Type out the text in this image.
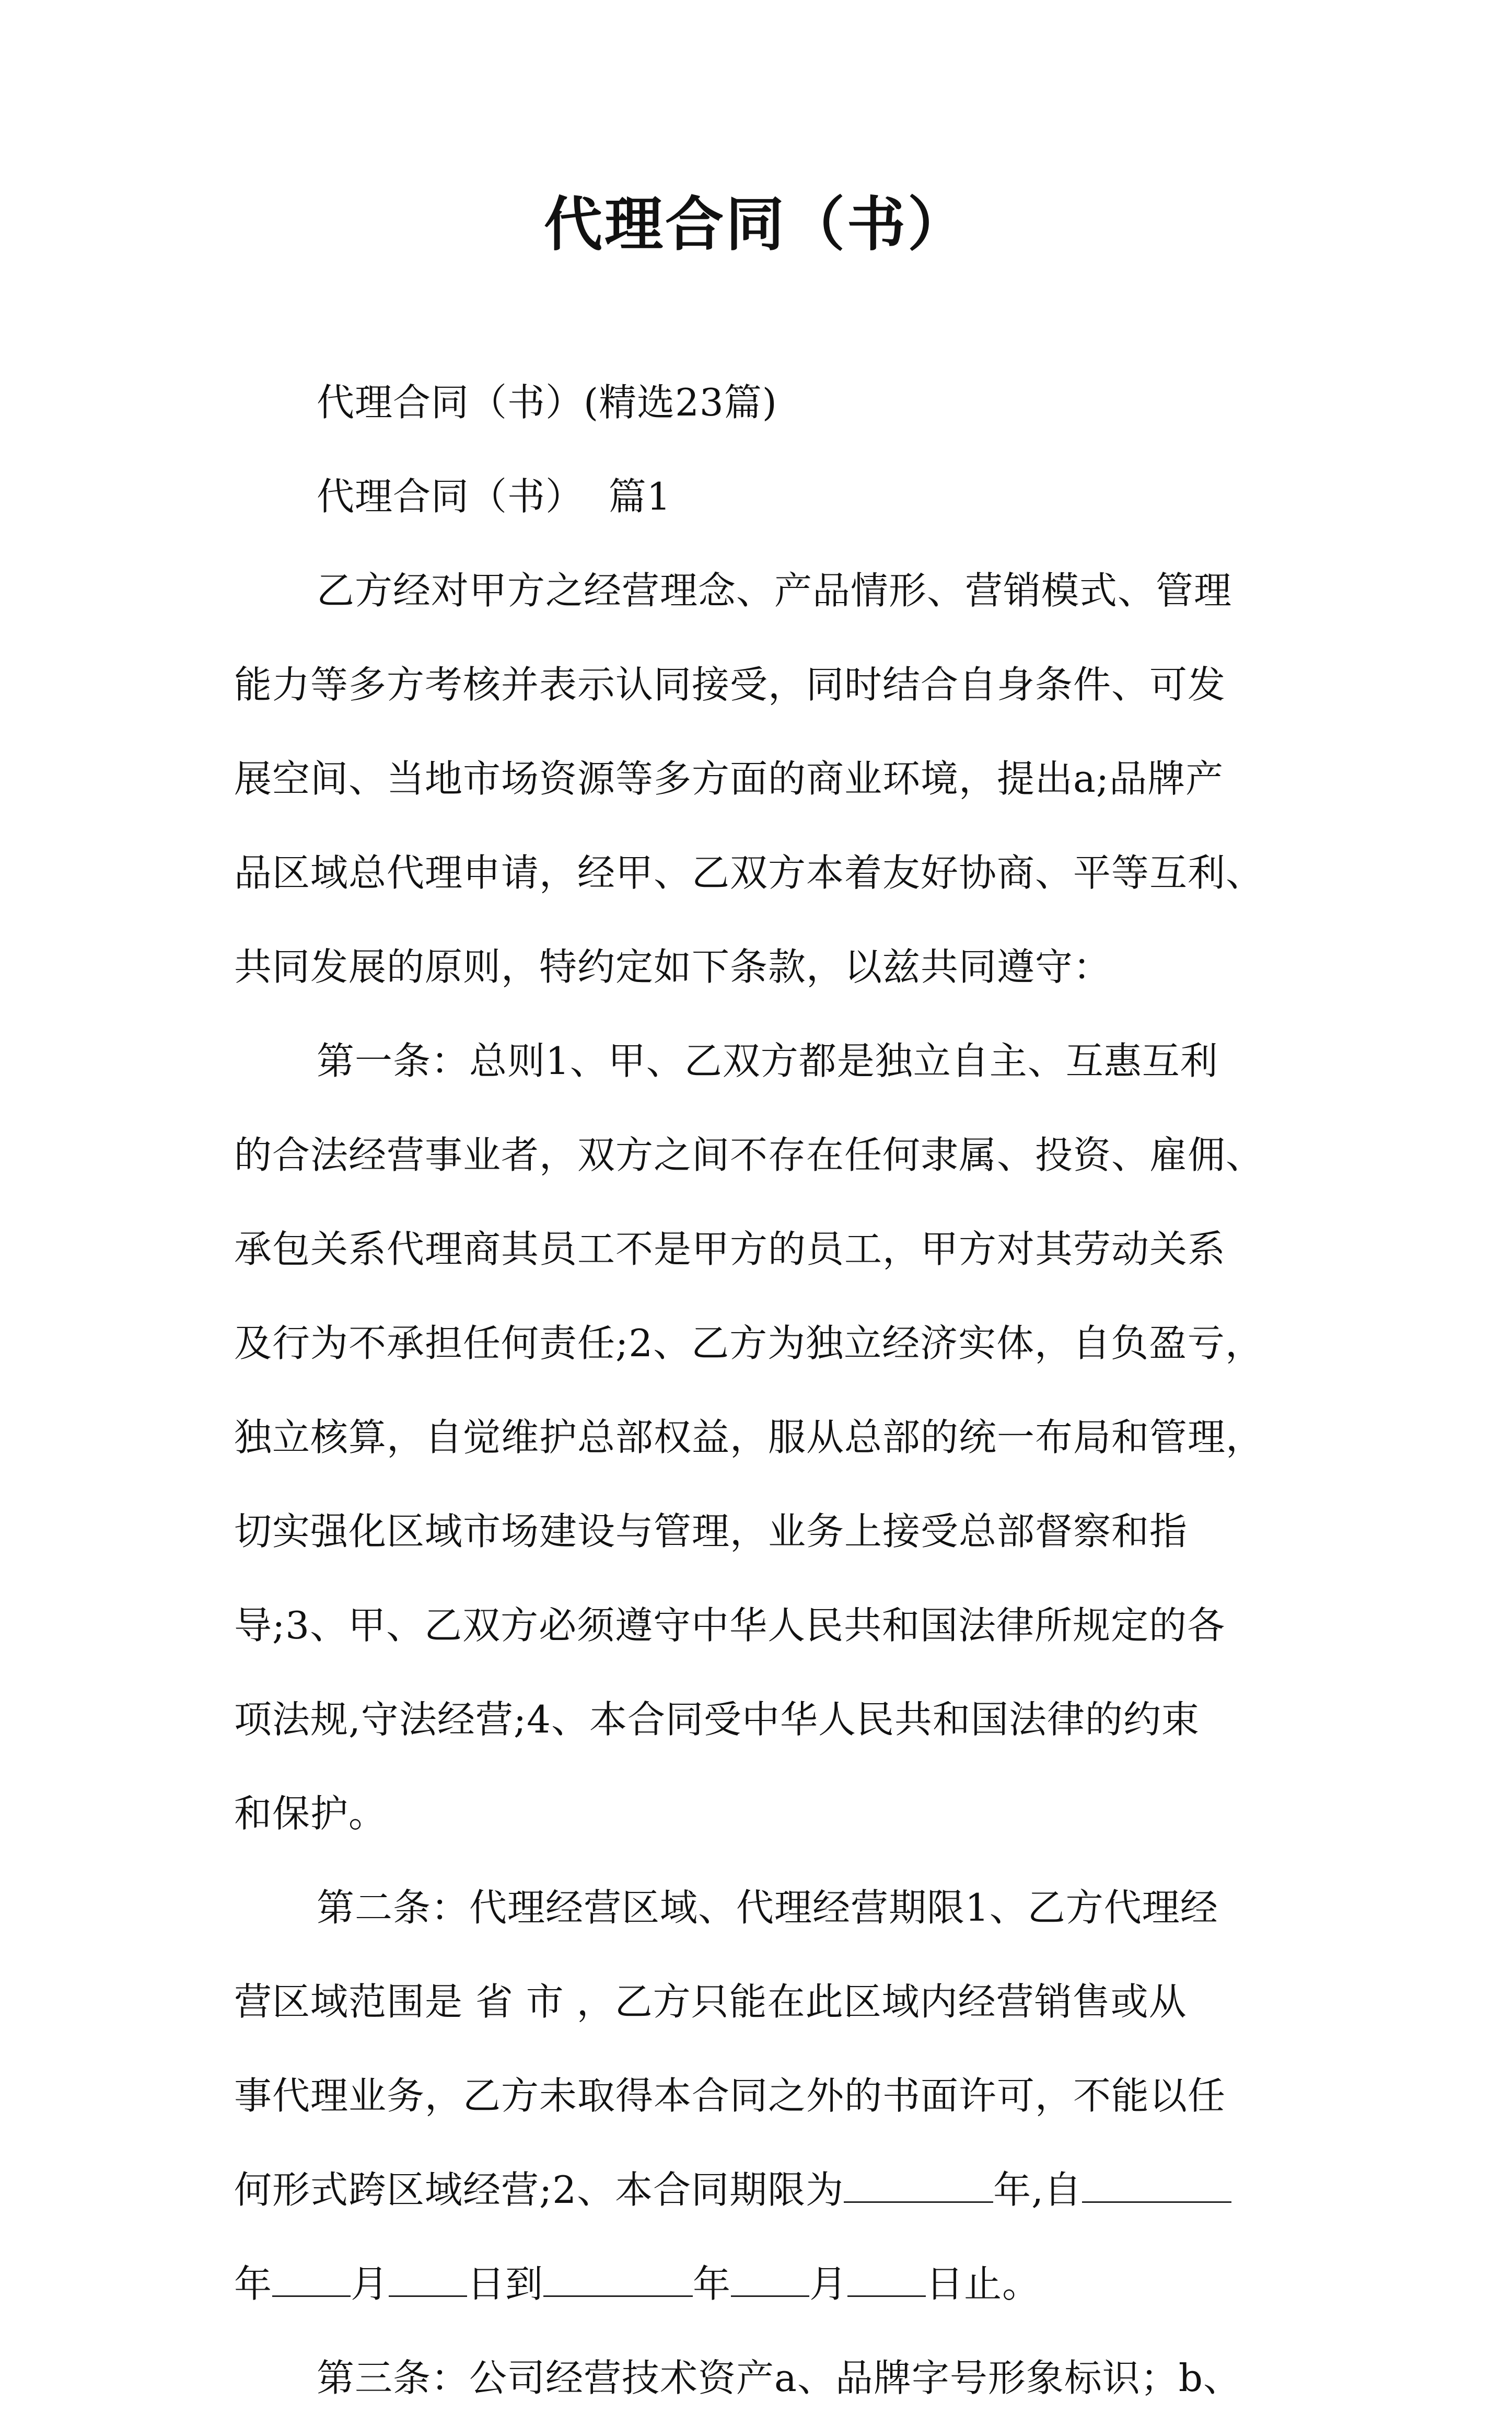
代理合同（书）
代理合同（书）(精选23篇)
代理合同（书）  篇1
乙方经对甲方之经营理念、产品情形、营销模式、管理
能力等多方考核并表示认同接受，同时结合自身条件、可发
展空间、当地市场资源等多方面的商业环境，提出a;品牌产
品区域总代理申请，经甲、乙双方本着友好协商、平等互利、
共同发展的原则，特约定如下条款，以兹共同遵守：
第一条：总则1、甲、乙双方都是独立自主、互惠互利
的合法经营事业者，双方之间不存在任何隶属、投资、雇佣、
承包关系代理商其员工不是甲方的员工，甲方对其劳动关系
及行为不承担任何责任;2、乙方为独立经济实体，自负盈亏，
独立核算，自觉维护总部权益，服从总部的统一布局和管理，
切实强化区域市场建设与管理，业务上接受总部督察和指
导;3、甲、乙双方必须遵守中华人民共和国法律所规定的各
项法规,守法经营;4、本合同受中华人民共和国法律的约束
和保护。
第二条：代理经营区域、代理经营期限1、乙方代理经
营区域范围是 省 市 ，乙方只能在此区域内经营销售或从
事代理业务，乙方未取得本合同之外的书面许可，不能以任
何形式跨区域经营;2、本合同期限为	年,自
年 月 日到	年 月 日止。
第三条：公司经营技术资产a、品牌字号形象标识；b、
